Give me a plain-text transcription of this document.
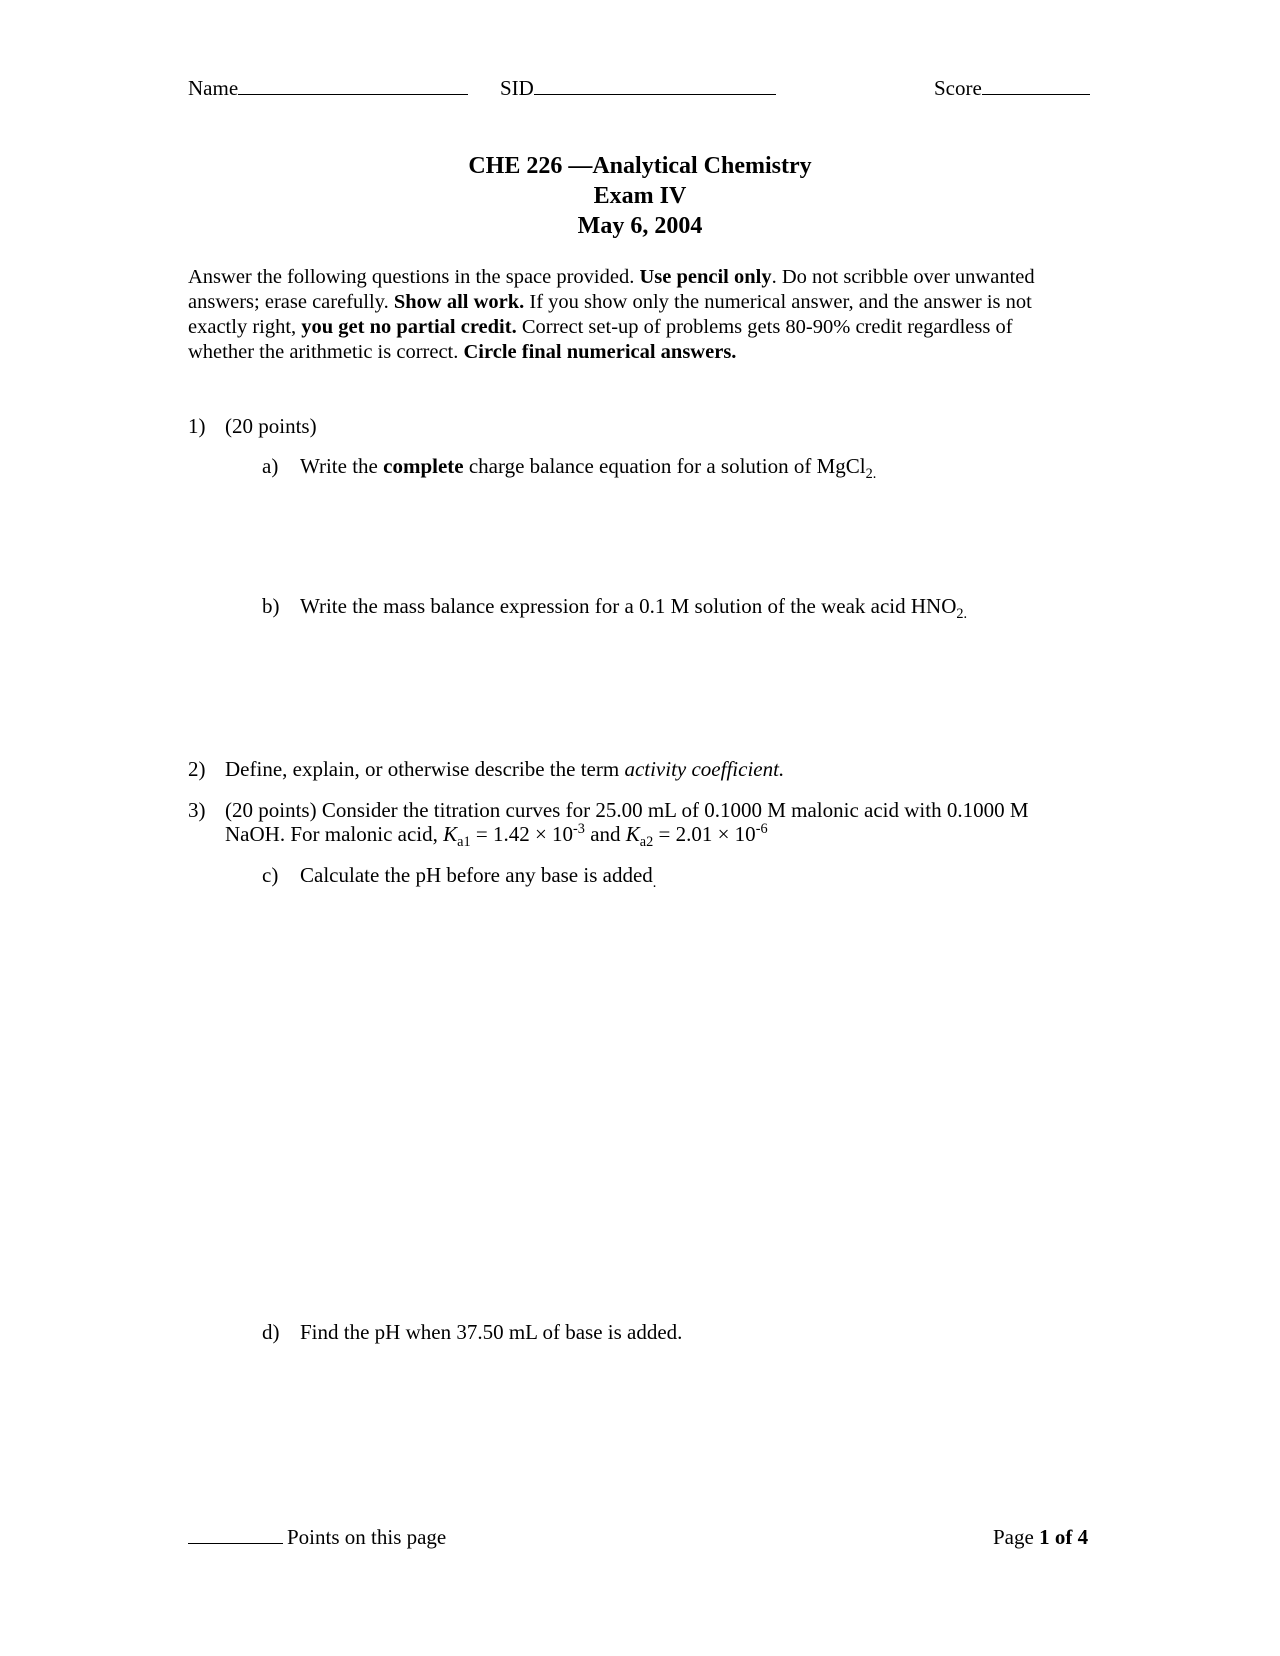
Name	SID	Score
CHE 226 —Analytical Chemistry
Exam IV
May 6, 2004
Answer the following questions in the space provided. Use pencil only. Do not scribble over unwanted answers; erase carefully. Show all work. If you show only the numerical answer, and the answer is not exactly right, you get no partial credit. Correct set-up of problems gets 80-90% credit regardless of whether the arithmetic is correct. Circle final numerical answers.
1) (20 points)
a) Write the complete charge balance equation for a solution of MgCl$_{2.}$
b) Write the mass balance expression for a 0.1 M solution of the weak acid $HNO_{2.}$
2) Define, explain, or otherwise describe the term activity coefficient.
3) (20 points) Consider the titration curves for 25.00 mL of 0.1000 M malonic acid with 0.1000 M
NaOH. For malonic acid, $K_{a1} = 1.42 \times 10^{-3}$ and $K_{a2} = 2.01 \times 10^{-6}$
c) Calculate the pH before any base is added$_.$
d) Find the pH when 37.50 mL of base is added.
Points on this page	Page 1 of 4
